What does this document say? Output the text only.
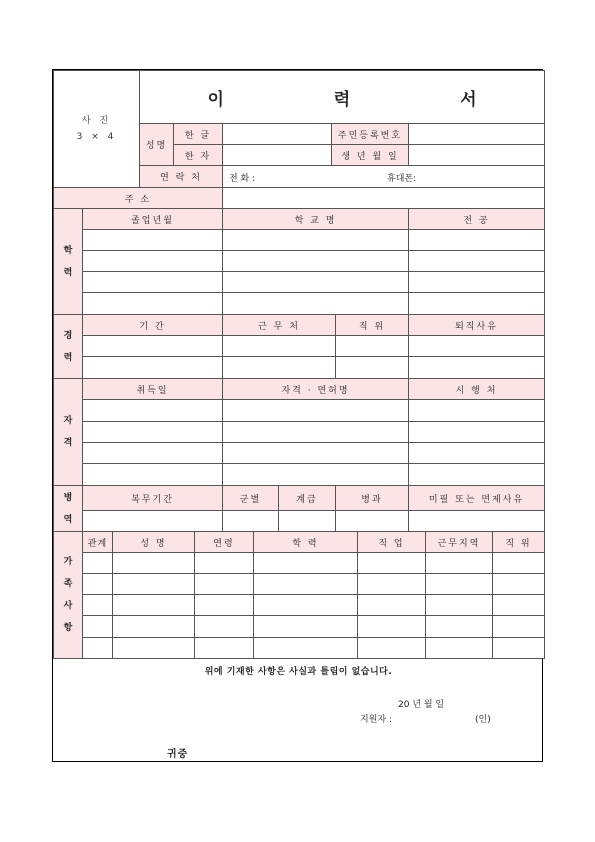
사 진
3 × 4
이 력 서
성명
한 글	주민등록번호
한 자	생 년 월 일
연 락 처	전 화 :	휴대폰:
주 소
학
력
졸업년월	학 교 명	전 공
경
력
기 간	근 무 처	직 위	퇴직사유
자
격
취득일	자격 · 면허명	시 행 처
병
역
복무기간	군별	계급	병과	미필 또는 면제사유
가
족
사
항
관계	성 명	연령	학 력	직 업	근무지역	직 위
위에 기재한 사항은 사실과 틀림이 없습니다.
20 년 월 일
지원자 :	(인)
귀중
